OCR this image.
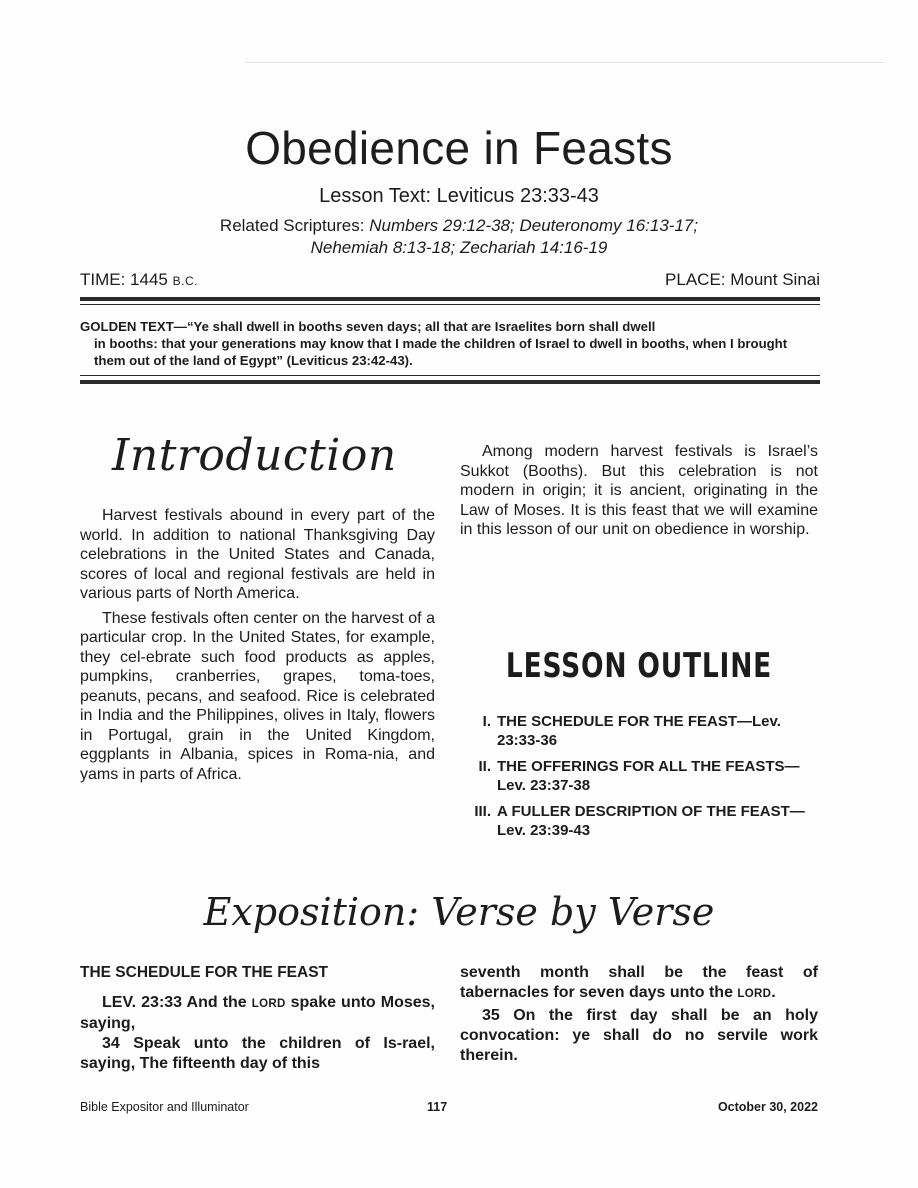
Obedience in Feasts
Lesson Text: Leviticus 23:33-43
Related Scriptures: Numbers 29:12-38; Deuteronomy 16:13-17;
Nehemiah 8:13-18; Zechariah 14:16-19
TIME: 1445 B.C.	PLACE: Mount Sinai
GOLDEN TEXT—“Ye shall dwell in booths seven days; all that are Israelites born shall dwell
in booths: that your generations may know that I made the children of Israel to dwell in booths, when I brought them out of the land of Egypt” (Leviticus 23:42-43).
Introduction

Harvest festivals abound in every part of the world. In addition to national Thanksgiving Day celebrations in the United States and Canada, scores of local and regional festivals are held in various parts of North America.

These festivals often center on the harvest of a particular crop. In the United States, for example, they cel-ebrate such food products as apples, pumpkins, cranberries, grapes, toma-toes, peanuts, pecans, and seafood. Rice is celebrated in India and the Philippines, olives in Italy, flowers in Portugal, grain in the United Kingdom, eggplants in Albania, spices in Roma-nia, and yams in parts of Africa.

Among modern harvest festivals is Israel’s Sukkot (Booths). But this celebration is not modern in origin; it is ancient, originating in the Law of Moses. It is this feast that we will examine in this lesson of our unit on obedience in worship.

LESSON OUTLINE
I. THE SCHEDULE FOR THE FEAST—Lev. 23:33-36
II. THE OFFERINGS FOR ALL THE FEASTS—Lev. 23:37-38
III. A FULLER DESCRIPTION OF THE FEAST—Lev. 23:39-43
Exposition: Verse by Verse
THE SCHEDULE FOR THE FEAST

LEV. 23:33 And the LORD spake unto Moses, saying,

34 Speak unto the children of Is-rael, saying, The fifteenth day of this

seventh month shall be the feast of tabernacles for seven days unto the LORD.

35 On the first day shall be an holy convocation: ye shall do no servile work therein.

Bible Expositor and Illuminator	117	October 30, 2022
